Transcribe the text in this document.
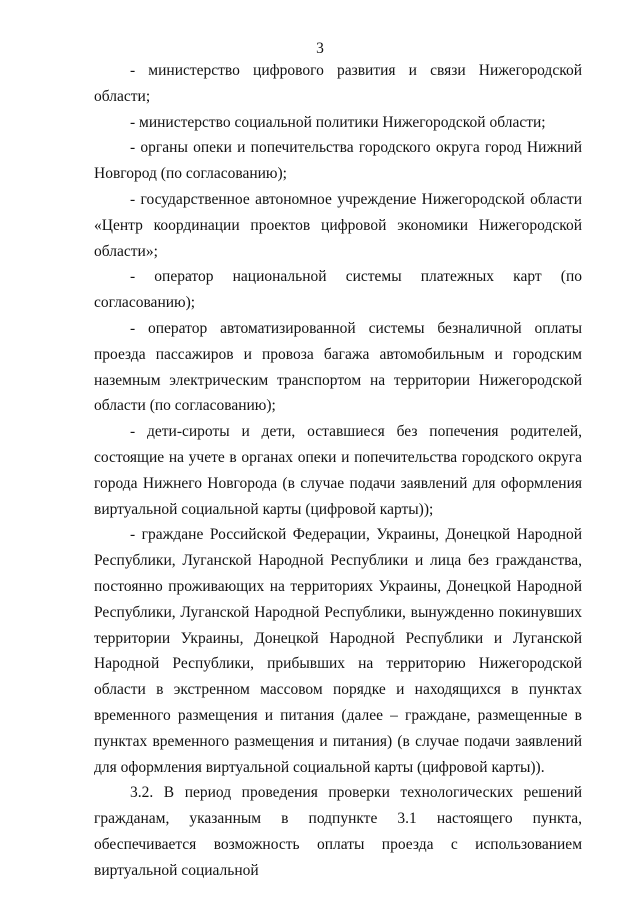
3

- министерство цифрового развития и связи Нижегородской области;

- министерство социальной политики Нижегородской области;

- органы опеки и попечительства городского округа город Нижний Новгород (по согласованию);

- государственное автономное учреждение Нижегородской области «Центр координации проектов цифровой экономики Нижегородской области»;

- оператор национальной системы платежных карт (по согласованию);

- оператор автоматизированной системы безналичной оплаты проезда пассажиров и провоза багажа автомобильным и городским наземным электрическим транспортом на территории Нижегородской области (по согласованию);

- дети-сироты и дети, оставшиеся без попечения родителей, состоящие на учете в органах опеки и попечительства городского округа города Нижнего Новгорода (в случае подачи заявлений для оформления виртуальной социальной карты (цифровой карты));

- граждане Российской Федерации, Украины, Донецкой Народной Республики, Луганской Народной Республики и лица без гражданства, постоянно проживающих на территориях Украины, Донецкой Народной Республики, Луганской Народной Республики, вынужденно покинувших территории Украины, Донецкой Народной Республики и Луганской Народной Республики, прибывших на территорию Нижегородской области в экстренном массовом порядке и находящихся в пунктах временного размещения и питания (далее – граждане, размещенные в пунктах временного размещения и питания) (в случае подачи заявлений для оформления виртуальной социальной карты (цифровой карты)).

3.2. В период проведения проверки технологических решений гражданам, указанным в подпункте 3.1 настоящего пункта, обеспечивается возможность оплаты проезда с использованием виртуальной социальной
